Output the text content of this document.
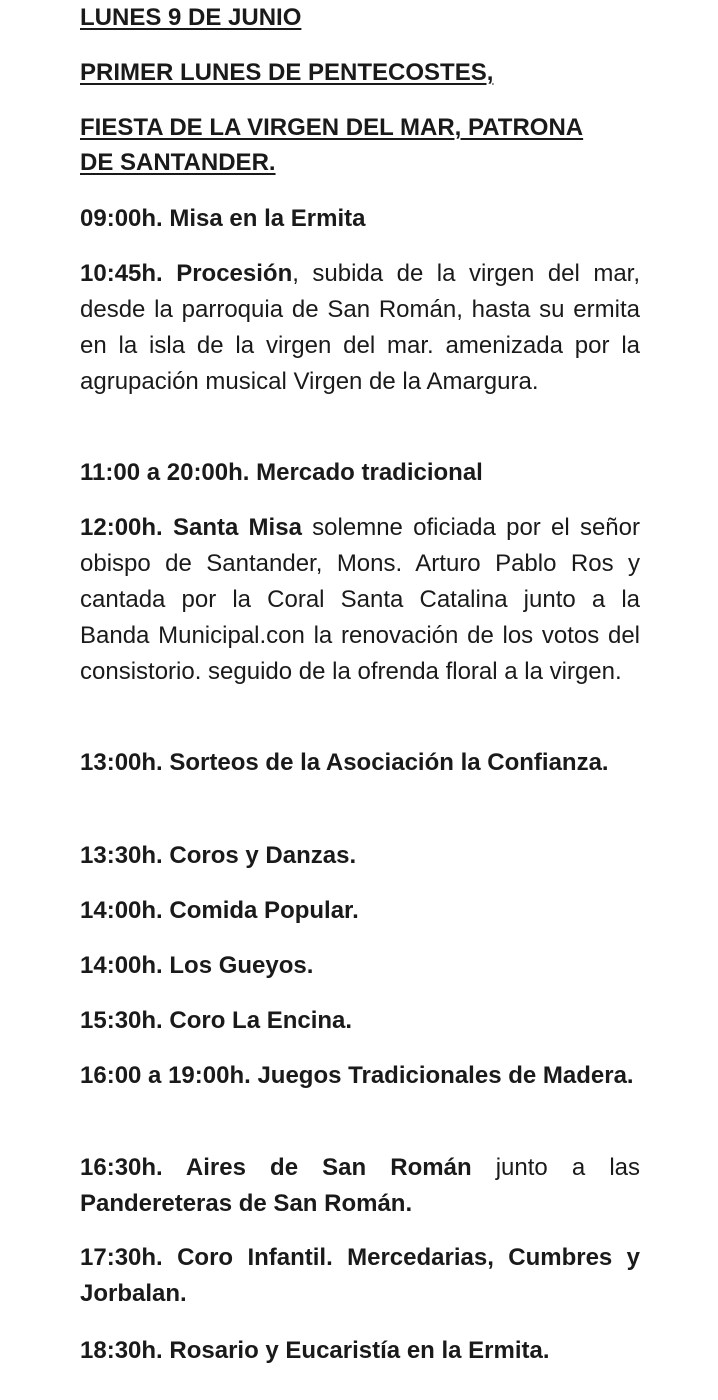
LUNES 9 DE JUNIO
PRIMER LUNES DE PENTECOSTES,
FIESTA DE LA VIRGEN DEL MAR, PATRONA
DE SANTANDER.
09:00h. Misa en la Ermita
10:45h. Procesión, subida de la virgen del mar, desde la parroquia de San Román, hasta su ermita en la isla de la virgen del mar. amenizada por la agrupación musical Virgen de la Amargura.
11:00 a 20:00h. Mercado tradicional
12:00h. Santa Misa solemne oficiada por el señor obispo de Santander, Mons. Arturo Pablo Ros y cantada por la Coral Santa Catalina junto a la Banda Municipal.con la renovación de los votos del consistorio. seguido de la ofrenda floral a la virgen.
13:00h. Sorteos de la Asociación la Confianza.
13:30h. Coros y Danzas.
14:00h. Comida Popular.
14:00h. Los Gueyos.
15:30h. Coro La Encina.
16:00 a 19:00h. Juegos Tradicionales de Madera.
16:30h. Aires de San Román junto a las Pandereteras de San Román.
17:30h. Coro Infantil. Mercedarias, Cumbres y Jorbalan.
18:30h. Rosario y Eucaristía en la Ermita.
